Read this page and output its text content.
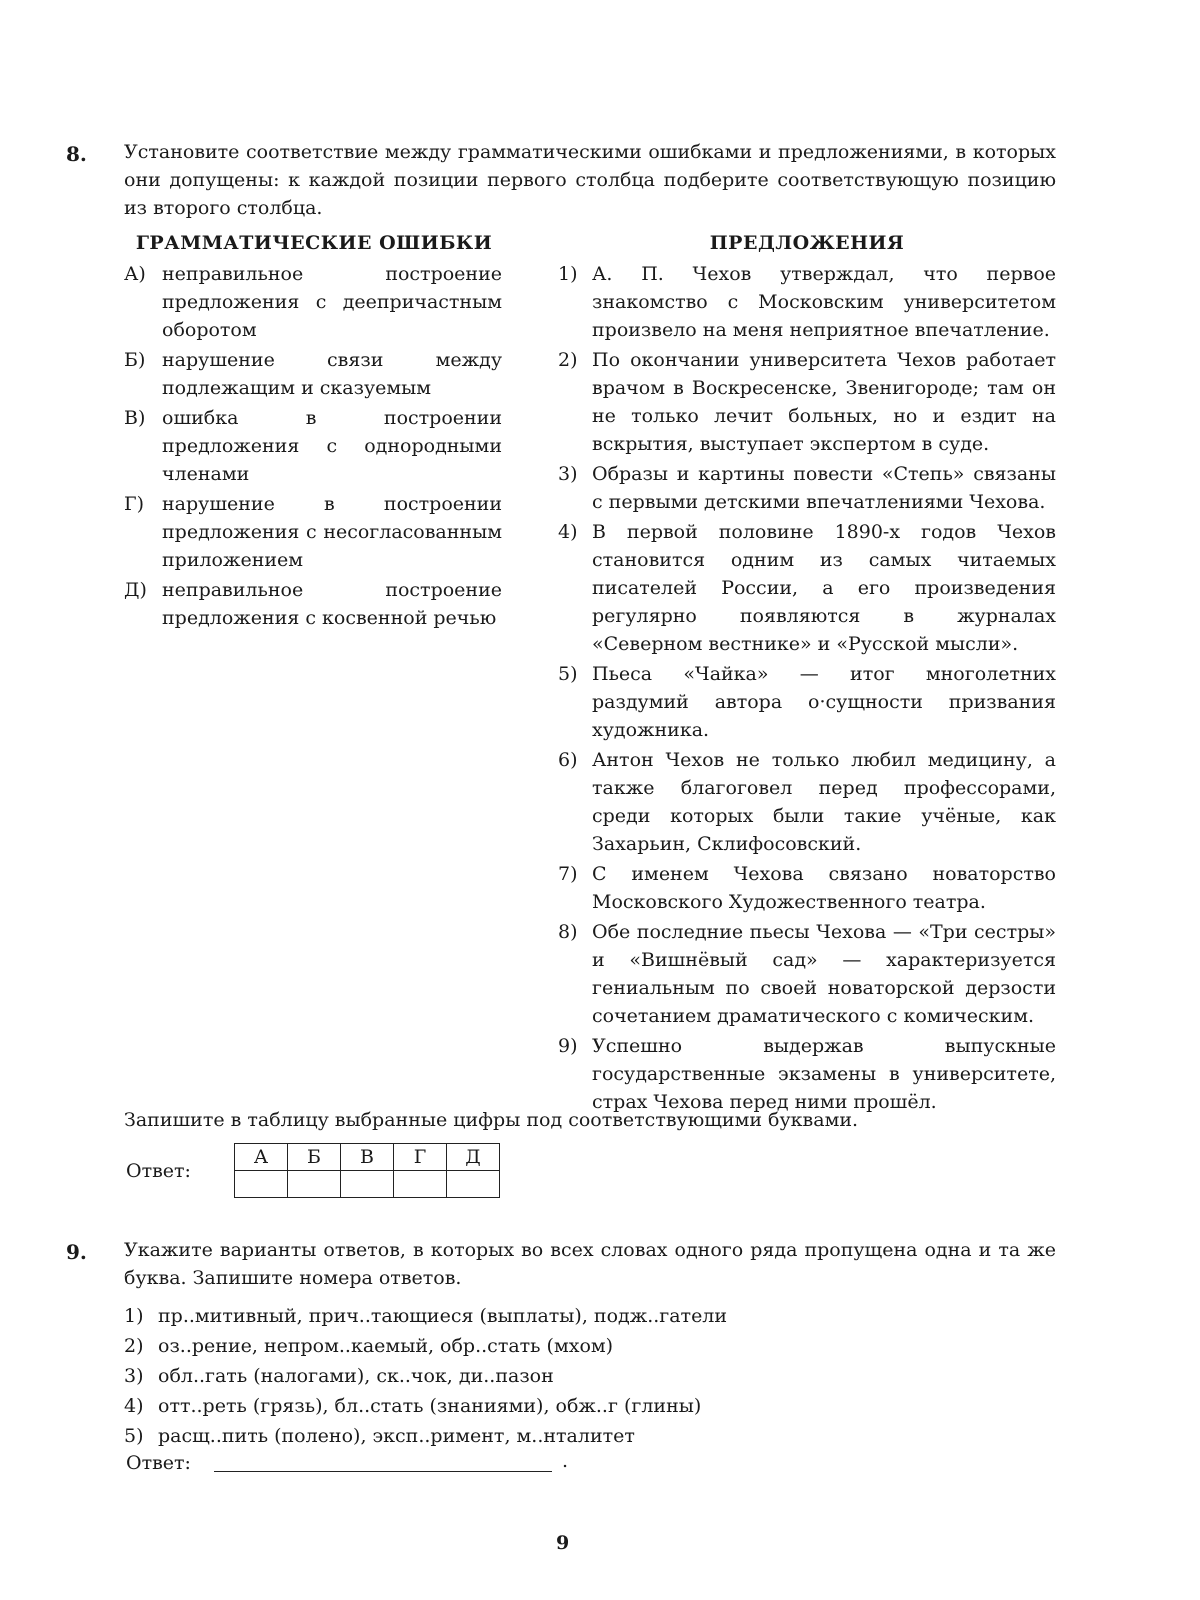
8. Установите соответствие между грамматическими ошибками и предложениями, в которых они допущены: к каждой позиции первого столбца подберите соответствующую позицию из второго столбца.
ГРАММАТИЧЕСКИЕ ОШИБКИ	ПРЕДЛОЖЕНИЯ
А) неправильное построение предложения с деепричастным оборотом
Б) нарушение связи между подлежащим и сказуемым
В) ошибка в построении предложения с однородными членами
Г) нарушение в построении предложения с несогласованным приложением
Д) неправильное построение предложения с косвенной речью
1) А. П. Чехов утверждал, что первое знакомство с Московским университетом произвело на меня неприятное впечатление.
2) По окончании университета Чехов работает врачом в Воскресенске, Звенигороде; там он не только лечит больных, но и ездит на вскрытия, выступает экспертом в суде.
3) Образы и картины повести «Степь» связаны с первыми детскими впечатлениями Чехова.
4) В первой половине 1890-х годов Чехов становится одним из самых читаемых писателей России, а его произведения регулярно появляются в журналах «Северном вестнике» и «Русской мысли».
5) Пьеса «Чайка» — итог многолетних раздумий автора о·сущности призвания художника.
6) Антон Чехов не только любил медицину, а также благоговел перед профессорами, среди которых были такие учёные, как Захарьин, Склифосовский.
7) С именем Чехова связано новаторство Московского Художественного театра.
8) Обе последние пьесы Чехова — «Три сестры» и «Вишнёвый сад» — характеризуется гениальным по своей новаторской дерзости сочетанием драматического с комическим.
9) Успешно выдержав выпускные государственные экзамены в университете, страх Чехова перед ними прошёл.
Запишите в таблицу выбранные цифры под соответствующими буквами.
Ответ:
А	Б	В	Г	Д

9. Укажите варианты ответов, в которых во всех словах одного ряда пропущена одна и та же буква. Запишите номера ответов.
1) пр..митивный, прич..тающиеся (выплаты), подж..гатели
2) оз..рение, непром..каемый, обр..стать (мхом)
3) обл..гать (налогами), ск..чок, ди..пазон
4) отт..реть (грязь), бл..стать (знаниями), обж..г (глины)
5) расщ..пить (полено), эксп..римент, м..нталитет
Ответ:	.
9
